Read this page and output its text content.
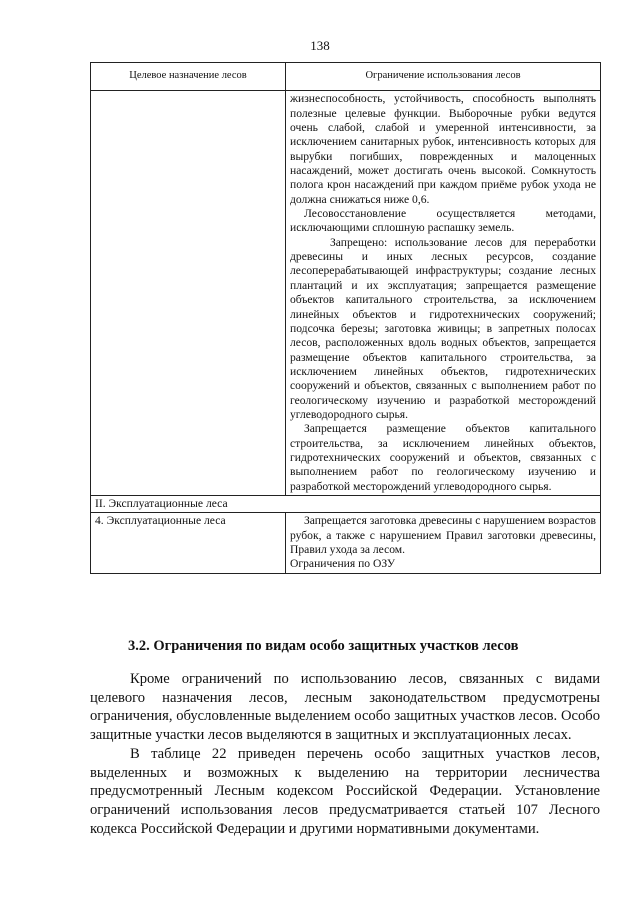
138
Целевое назначение лесов	Ограничение использования лесов

	жизнеспособность, устойчивость, способность выполнять полезные целевые функции. Выборочные рубки ведутся очень слабой, слабой и умеренной интенсивности, за исключением санитарных рубок, интенсивность которых для вырубки погибших, поврежденных и малоценных насаждений, может достигать очень высокой. Сомкнутость полога крон насаждений при каждом приёме рубок ухода не должна снижаться ниже 0,6.
Лесовосстановление осуществляется методами, исключающими сплошную распашку земель.
Запрещено: использование лесов для переработки древесины и иных лесных ресурсов, создание лесоперерабатывающей инфраструктуры; создание лесных плантаций и их эксплуатация; запрещается размещение объектов капитального строительства, за исключением линейных объектов и гидротехнических сооружений; подсочка березы; заготовка живицы; в запретных полосах лесов, расположенных вдоль водных объектов, запрещается размещение объектов капитального строительства, за исключением линейных объектов, гидротехнических сооружений и объектов, связанных с выполнением работ по геологическому изучению и разработкой месторождений углеводородного сырья.
Запрещается размещение объектов капитального строительства, за исключением линейных объектов, гидротехнических сооружений и объектов, связанных с выполнением работ по геологическому изучению и разработкой месторождений углеводородного сырья.

II. Эксплуатационные леса	
4. Эксплуатационные леса	Запрещается заготовка древесины с нарушением возрастов рубок, а также с нарушением Правил заготовки древесины, Правил ухода за лесом.
Ограничения по ОЗУ
3.2. Ограничения по видам особо защитных участков лесов

Кроме ограничений по использованию лесов, связанных с видами целевого назначения лесов, лесным законодательством предусмотрены ограничения, обусловленные выделением особо защитных участков лесов. Особо защитные участки лесов выделяются в защитных и эксплуатационных лесах.

В таблице 22 приведен перечень особо защитных участков лесов, выделенных и возможных к выделению на территории лесничества предусмотренный Лесным кодексом Российской Федерации. Установление ограничений использования лесов предусматривается статьей 107 Лесного кодекса Российской Федерации и другими нормативными документами.
